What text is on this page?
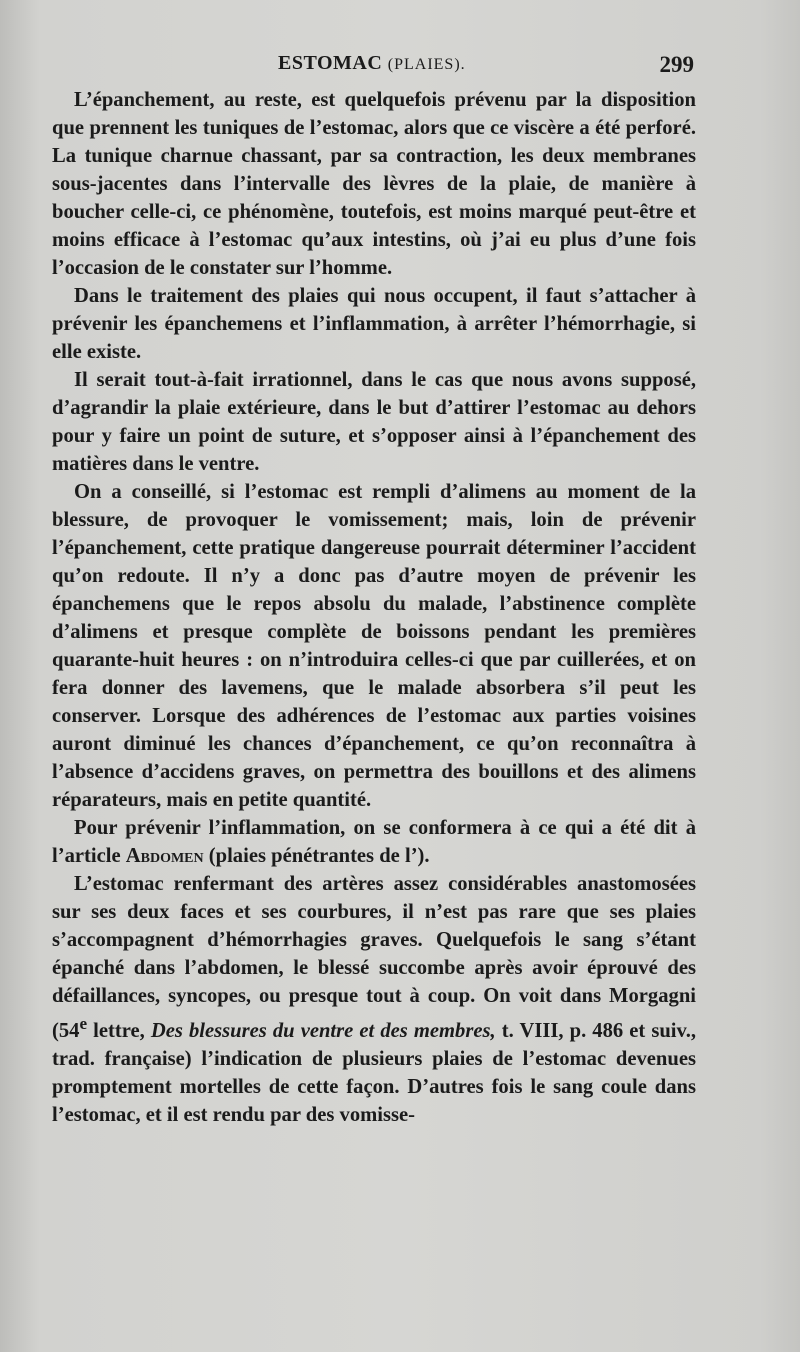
ESTOMAC (PLAIES).	299

L’épanchement, au reste, est quelquefois prévenu par la disposition que prennent les tuniques de l’estomac, alors que ce viscère a été perforé. La tunique charnue chassant, par sa contraction, les deux membranes sous-jacentes dans l’intervalle des lèvres de la plaie, de manière à boucher celle-ci, ce phénomène, toutefois, est moins marqué peut-être et moins efficace à l’estomac qu’aux intestins, où j’ai eu plus d’une fois l’occasion de le constater sur l’homme.

Dans le traitement des plaies qui nous occupent, il faut s’attacher à prévenir les épanchemens et l’inflammation, à arrêter l’hémorrhagie, si elle existe.

Il serait tout-à-fait irrationnel, dans le cas que nous avons supposé, d’agrandir la plaie extérieure, dans le but d’attirer l’estomac au dehors pour y faire un point de suture, et s’opposer ainsi à l’épanchement des matières dans le ventre.

On a conseillé, si l’estomac est rempli d’alimens au moment de la blessure, de provoquer le vomissement; mais, loin de prévenir l’épanchement, cette pratique dangereuse pourrait déterminer l’accident qu’on redoute. Il n’y a donc pas d’autre moyen de prévenir les épanchemens que le repos absolu du malade, l’abstinence complète d’alimens et presque complète de boissons pendant les premières quarante-huit heures : on n’introduira celles-ci que par cuillerées, et on fera donner des lavemens, que le malade absorbera s’il peut les conserver. Lorsque des adhérences de l’estomac aux parties voisines auront diminué les chances d’épanchement, ce qu’on reconnaîtra à l’absence d’accidens graves, on permettra des bouillons et des alimens réparateurs, mais en petite quantité.

Pour prévenir l’inflammation, on se conformera à ce qui a été dit à l’article Abdomen (plaies pénétrantes de l’).

L’estomac renfermant des artères assez considérables anastomosées sur ses deux faces et ses courbures, il n’est pas rare que ses plaies s’accompagnent d’hémorrhagies graves. Quelquefois le sang s’étant épanché dans l’abdomen, le blessé succombe après avoir éprouvé des défaillances, syncopes, ou presque tout à coup. On voit dans Morgagni (54e lettre, Des blessures du ventre et des membres, t. VIII, p. 486 et suiv., trad. française) l’indication de plusieurs plaies de l’estomac devenues promptement mortelles de cette façon. D’autres fois le sang coule dans l’estomac, et il est rendu par des vomisse-
